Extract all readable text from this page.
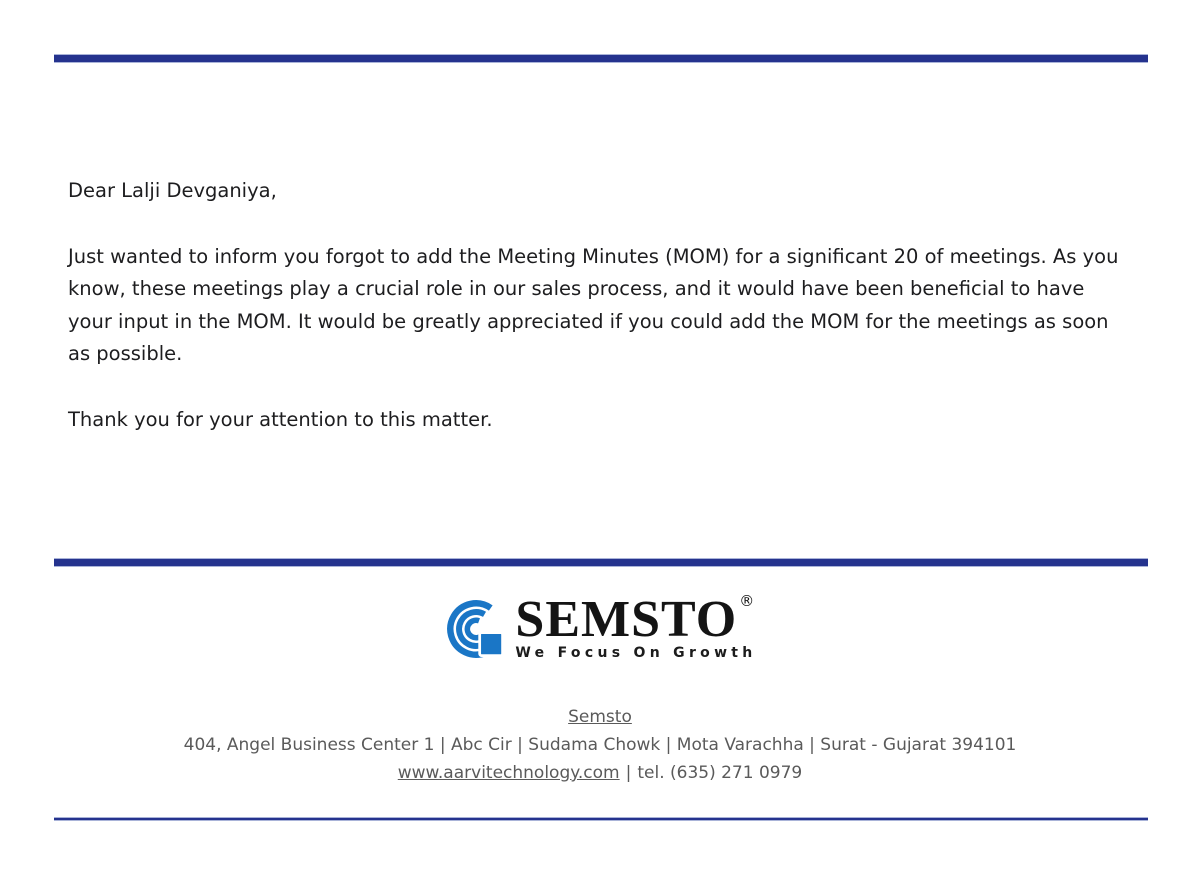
Dear Lalji Devganiya,

Just wanted to inform you forgot to add the Meeting Minutes (MOM) for a significant 20 of meetings. As you know, these meetings play a crucial role in our sales process, and it would have been beneficial to have your input in the MOM. It would be greatly appreciated if you could add the MOM for the meetings as soon as possible.

Thank you for your attention to this matter.

SEMSTO ®
We Focus On Growth
Semsto
404, Angel Business Center 1 | Abc Cir | Sudama Chowk | Mota Varachha | Surat - Gujarat 394101
www.aarvitechnology.com | tel. (635) 271 0979
